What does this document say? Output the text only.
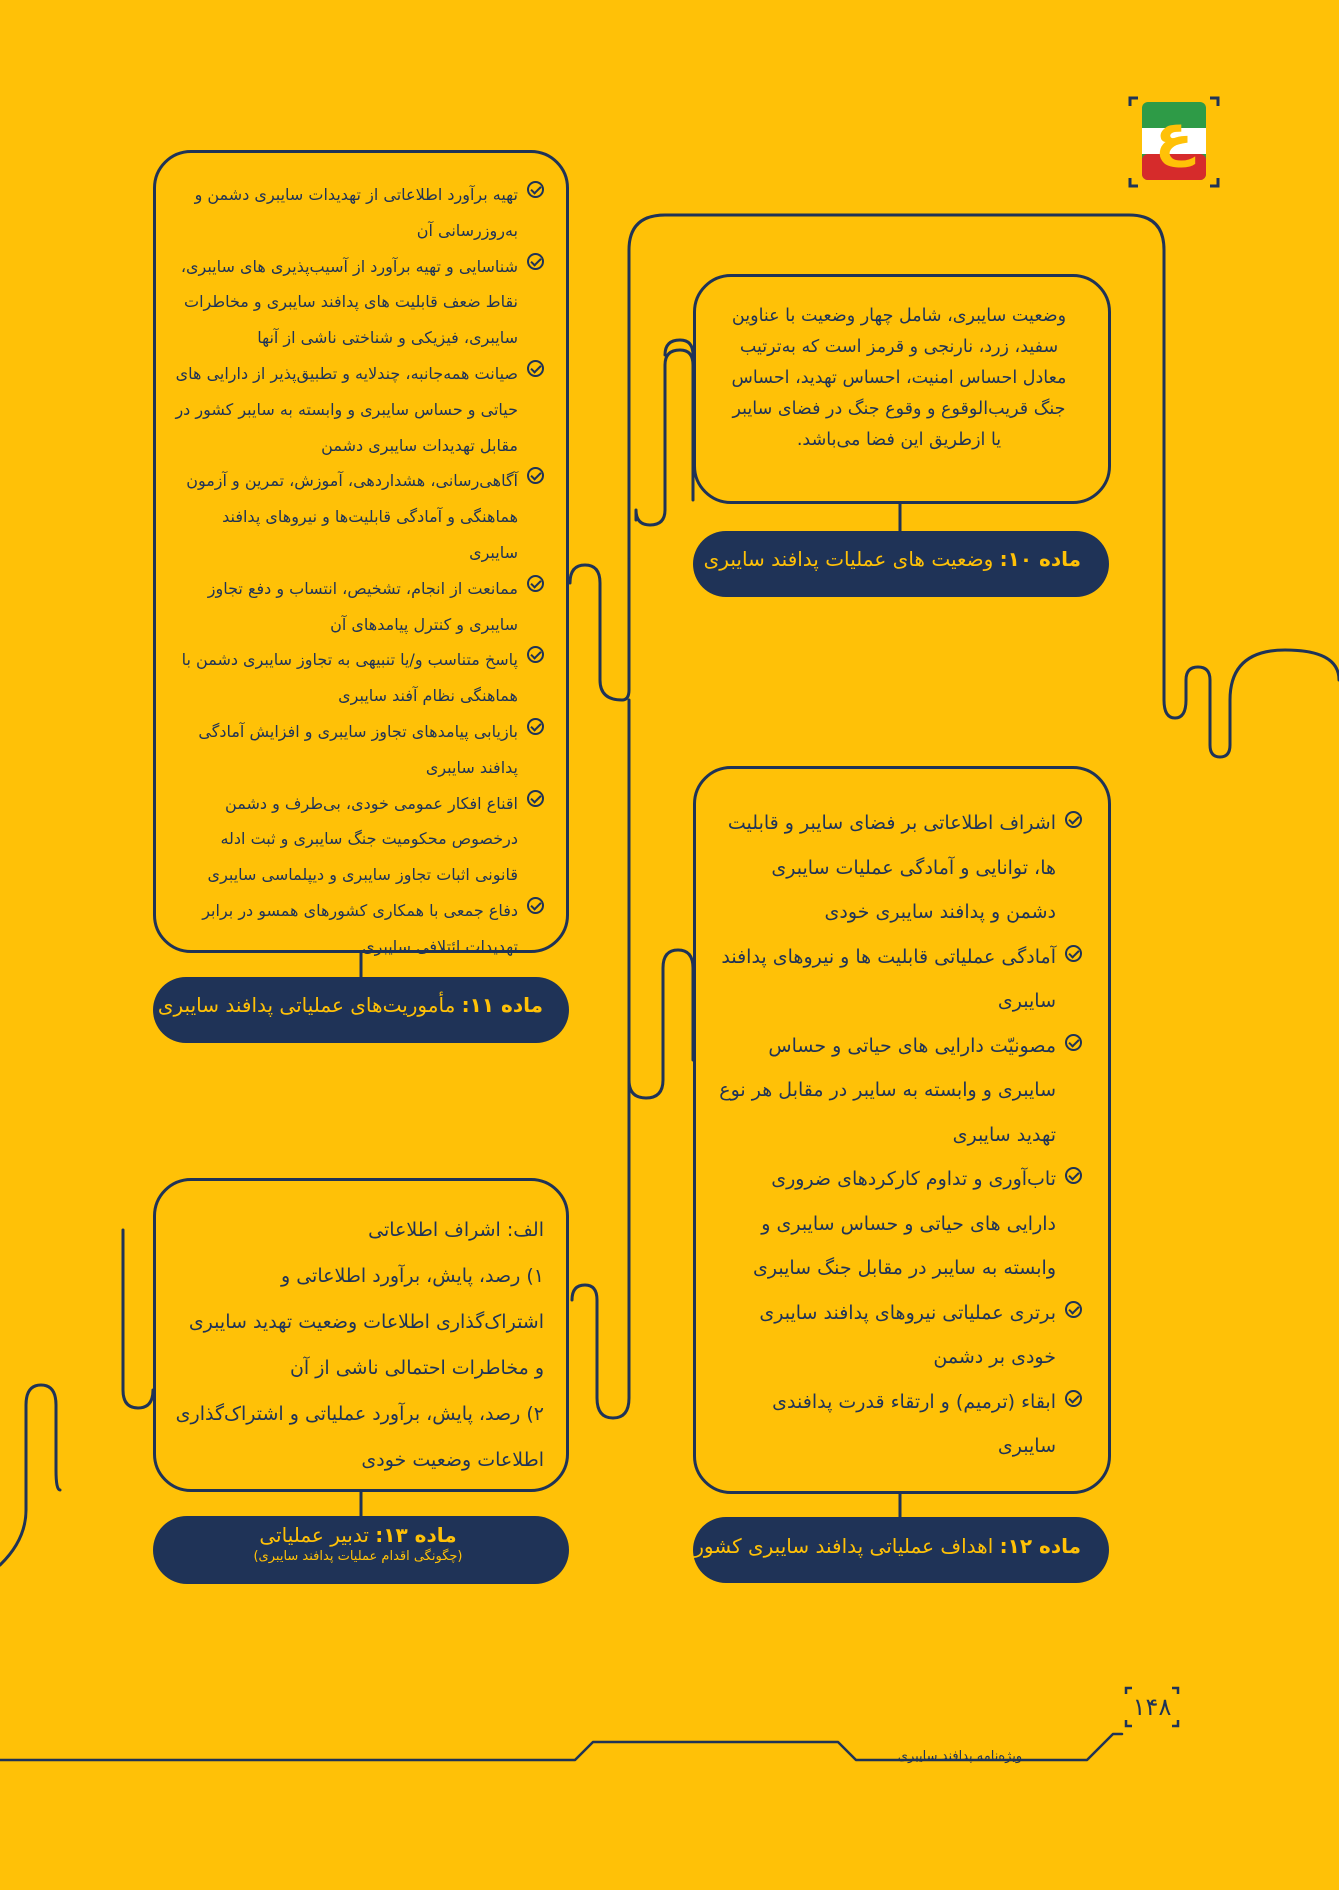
ع
تهیه برآورد اطلاعاتی از تهدیدات سایبری دشمن و به‌روزرسانی آن
شناسایی و تهیه برآورد از آسیب‌پذیری های سایبری، نقاط ضعف قابلیت های پدافند سایبری و مخاطرات سایبری، فیزیکی و شناختی ناشی از آنها
صیانت همه‌جانبه، چندلایه و تطبیق‌پذیر از دارایی های حیاتی و حساس سایبری و وابسته به سایبر کشور در مقابل تهدیدات سایبری دشمن
آگاهی‌رسانی، هشداردهی، آموزش، تمرین و آزمون هماهنگی و آمادگی قابلیت‌ها و نیروهای پدافند سایبری
ممانعت از انجام، تشخیص، انتساب و دفع تجاوز سایبری و کنترل پیامدهای آن
پاسخ متناسب و/یا تنبیهی به تجاوز سایبری دشمن با هماهنگی نظام آفند سایبری
بازیابی پیامدهای تجاوز سایبری و افزایش آمادگی پدافند سایبری
اقناع افکار عمومی خودی، بی‌طرف و دشمن درخصوص محکومیت جنگ سایبری و ثبت ادله قانونی اثبات تجاوز سایبری و دیپلماسی سایبری
دفاع جمعی با همکاری کشورهای همسو در برابر تهدیدات ائتلافی سایبری
ماده ۱۱: مأموریت‌های عملیاتی پدافند سایبری
وضعیت سایبری، شامل چهار وضعیت با عناوین سفید، زرد، نارنجی و قرمز است که به‌ترتیب معادل احساس امنیت، احساس تهدید، احساس جنگ قریب‌الوقوع و وقوع جنگ در فضای سایبر یا ازطریق این فضا می‌باشد.
ماده ۱۰: وضعیت های عملیات پدافند سایبری
اشراف اطلاعاتی بر فضای سایبر و قابلیت ها، توانایی و آمادگی عملیات سایبری دشمن و پدافند سایبری خودی
آمادگی عملیاتی قابلیت ها و نیروهای پدافند سایبری
مصونیّت دارایی های حیاتی و حساس سایبری و وابسته به سایبر در مقابل هر نوع تهدید سایبری
تاب‌آوری و تداوم کارکردهای ضروری دارایی های حیاتی و حساس سایبری و وابسته به سایبر در مقابل جنگ سایبری
برتری عملیاتی نیروهای پدافند سایبری خودی بر دشمن
ابقاء (ترمیم) و ارتقاء قدرت پدافندی سایبری
ماده ۱۲: اهداف عملیاتی پدافند سایبری کشور
الف: اشراف اطلاعاتی
۱) رصد، پایش، برآورد اطلاعاتی و اشتراک‌گذاری اطلاعات وضعیت تهدید سایبری و مخاطرات احتمالی ناشی از آن
۲) رصد، پایش، برآورد عملیاتی و اشتراک‌گذاری اطلاعات وضعیت خودی
ماده ۱۳: تدبیر عملیاتی
(چگونگی اقدام عملیات پدافند سایبری)
۱۴۸
ویژه‌نامه پدافند سایبری
